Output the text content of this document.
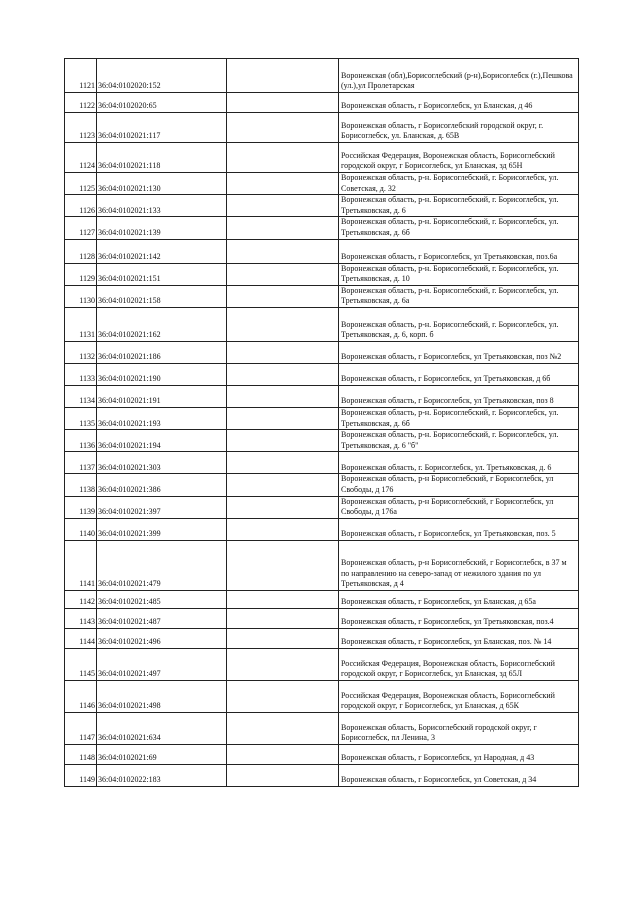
1121	36:04:0102020:152		Воронежская (обл),Борисоглебский (р-н),Борисоглебск (г.),Пешкова (ул.),ул Пролетарская
1122	36:04:0102020:65		Воронежская область, г Борисоглебск, ул Бланская, д 46
1123	36:04:0102021:117		Воронежская область, г Борисоглебский городской округ, г. Борисоглебск, ул. Бланская, д. 65В
1124	36:04:0102021:118		Российская Федерация, Воронежская область, Борисоглебский городской округ, г Борисоглебск, ул Бланская, зд 65Н
1125	36:04:0102021:130		Воронежская область, р-н. Борисоглебский, г. Борисоглебск, ул. Советская, д. 32
1126	36:04:0102021:133		Воронежская область, р-н. Борисоглебский, г. Борисоглебск, ул. Третьяковская, д. 6
1127	36:04:0102021:139		Воронежская область, р-н. Борисоглебский, г. Борисоглебск, ул. Третьяковская, д. 6б
1128	36:04:0102021:142		Воронежская область, г Борисоглебск, ул Третьяковская, поз.6а
1129	36:04:0102021:151		Воронежская область, р-н. Борисоглебский, г. Борисоглебск, ул. Третьяковская, д. 10
1130	36:04:0102021:158		Воронежская область, р-н. Борисоглебский, г. Борисоглебск, ул. Третьяковская, д. 6а
1131	36:04:0102021:162		Воронежская область, р-н. Борисоглебский, г. Борисоглебск, ул. Третьяковская, д. 6, корп. б
1132	36:04:0102021:186		Воронежская область, г Борисоглебск, ул Третьяковская, поз №2
1133	36:04:0102021:190		Воронежская область, г Борисоглебск, ул Третьяковская, д 6б
1134	36:04:0102021:191		Воронежская область, г Борисоглебск, ул Третьяковская, поз 8
1135	36:04:0102021:193		Воронежская область, р-н. Борисоглебский, г. Борисоглебск, ул. Третьяковская, д. 6б
1136	36:04:0102021:194		Воронежская область, р-н. Борисоглебский, г. Борисоглебск, ул. Третьяковская, д. 6 "б"
1137	36:04:0102021:303		Воронежская область, г. Борисоглебск, ул. Третьяковская, д. 6
1138	36:04:0102021:386		Воронежская область, р-н Борисоглебский, г Борисоглебск, ул Свободы, д 176
1139	36:04:0102021:397		Воронежская область, р-н Борисоглебский, г Борисоглебск, ул Свободы, д 176а
1140	36:04:0102021:399		Воронежская область, г Борисоглебск, ул Третьяковская, поз. 5
1141	36:04:0102021:479		Воронежская область, р-н Борисоглебский, г Борисоглебск, в 37 м по направлению на северо-запад от нежилого здания по ул Третьяковская, д 4
1142	36:04:0102021:485		Воронежская область, г Борисоглебск, ул Бланская, д 65а
1143	36:04:0102021:487		Воронежская область, г Борисоглебск, ул Третьяковская, поз.4
1144	36:04:0102021:496		Воронежская область, г Борисоглебск, ул Бланская, поз. № 14
1145	36:04:0102021:497		Российская Федерация, Воронежская область, Борисоглебский городской округ, г Борисоглебск, ул Бланская, зд 65Л
1146	36:04:0102021:498		Российская Федерация, Воронежская область, Борисоглебский городской округ, г Борисоглебск, ул Бланская, д 65К
1147	36:04:0102021:634		Воронежская область, Борисоглебский городской округ, г Борисоглебск, пл Ленина, 3
1148	36:04:0102021:69		Воронежская область, г Борисоглебск, ул Народная, д 43
1149	36:04:0102022:183		Воронежская область, г Борисоглебск, ул Советская, д 34
